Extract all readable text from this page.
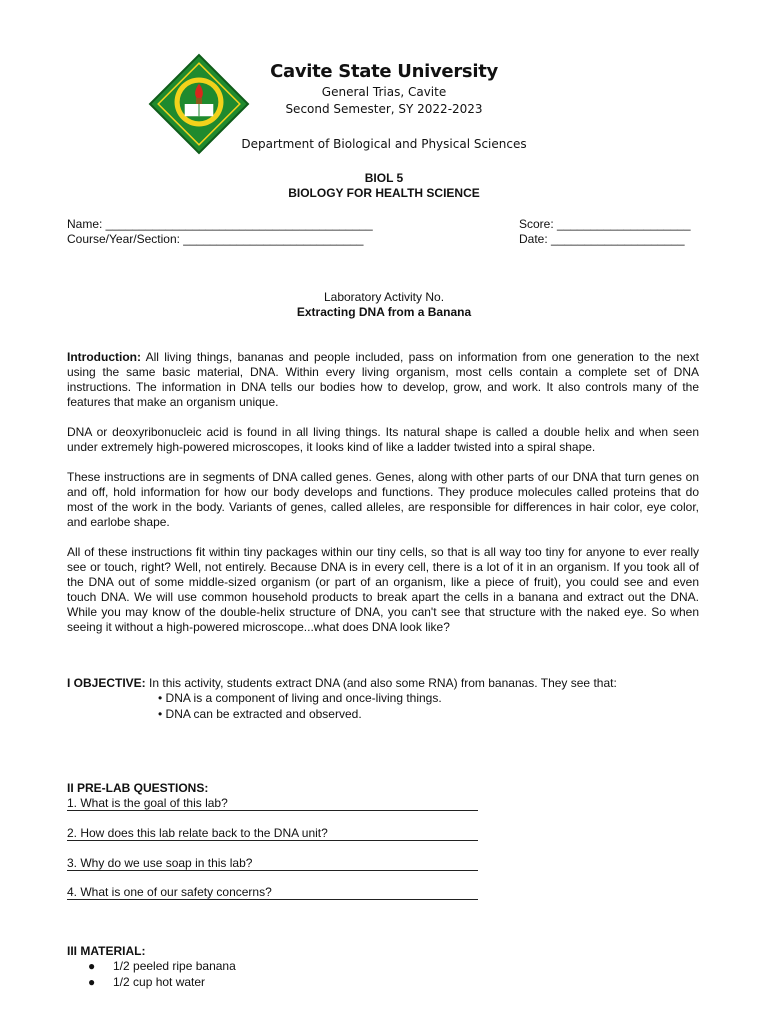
Cavite State University
General Trias, Cavite
Second Semester, SY 2022-2023
Department of Biological and Physical Sciences
BIOL 5
BIOLOGY FOR HEALTH SCIENCE
Name: ________________________________________
Course/Year/Section: ___________________________
Score: ____________________
Date: ____________________
Laboratory Activity No.
Extracting DNA from a Banana
Introduction: All living things, bananas and people included, pass on information from one generation to the next using the same basic material, DNA. Within every living organism, most cells contain a complete set of DNA instructions. The information in DNA tells our bodies how to develop, grow, and work. It also controls many of the features that make an organism unique.
DNA or deoxyribonucleic acid is found in all living things. Its natural shape is called a double helix and when seen under extremely high-powered microscopes, it looks kind of like a ladder twisted into a spiral shape.
These instructions are in segments of DNA called genes. Genes, along with other parts of our DNA that turn genes on and off, hold information for how our body develops and functions. They produce molecules called proteins that do most of the work in the body. Variants of genes, called alleles, are responsible for differences in hair color, eye color, and earlobe shape.
All of these instructions fit within tiny packages within our tiny cells, so that is all way too tiny for anyone to ever really see or touch, right? Well, not entirely. Because DNA is in every cell, there is a lot of it in an organism. If you took all of the DNA out of some middle-sized organism (or part of an organism, like a piece of fruit), you could see and even touch DNA. We will use common household products to break apart the cells in a banana and extract out the DNA. While you may know of the double-helix structure of DNA, you can't see that structure with the naked eye. So when seeing it without a high-powered microscope...what does DNA look like?
I OBJECTIVE: In this activity, students extract DNA (and also some RNA) from bananas. They see that:
• DNA is a component of living and once-living things.
• DNA can be extracted and observed.
II PRE-LAB QUESTIONS:
1. What is the goal of this lab?
2. How does this lab relate back to the DNA unit?
3. Why do we use soap in this lab?
4. What is one of our safety concerns?
III MATERIAL:
● 1/2 peeled ripe banana
● 1/2 cup hot water
